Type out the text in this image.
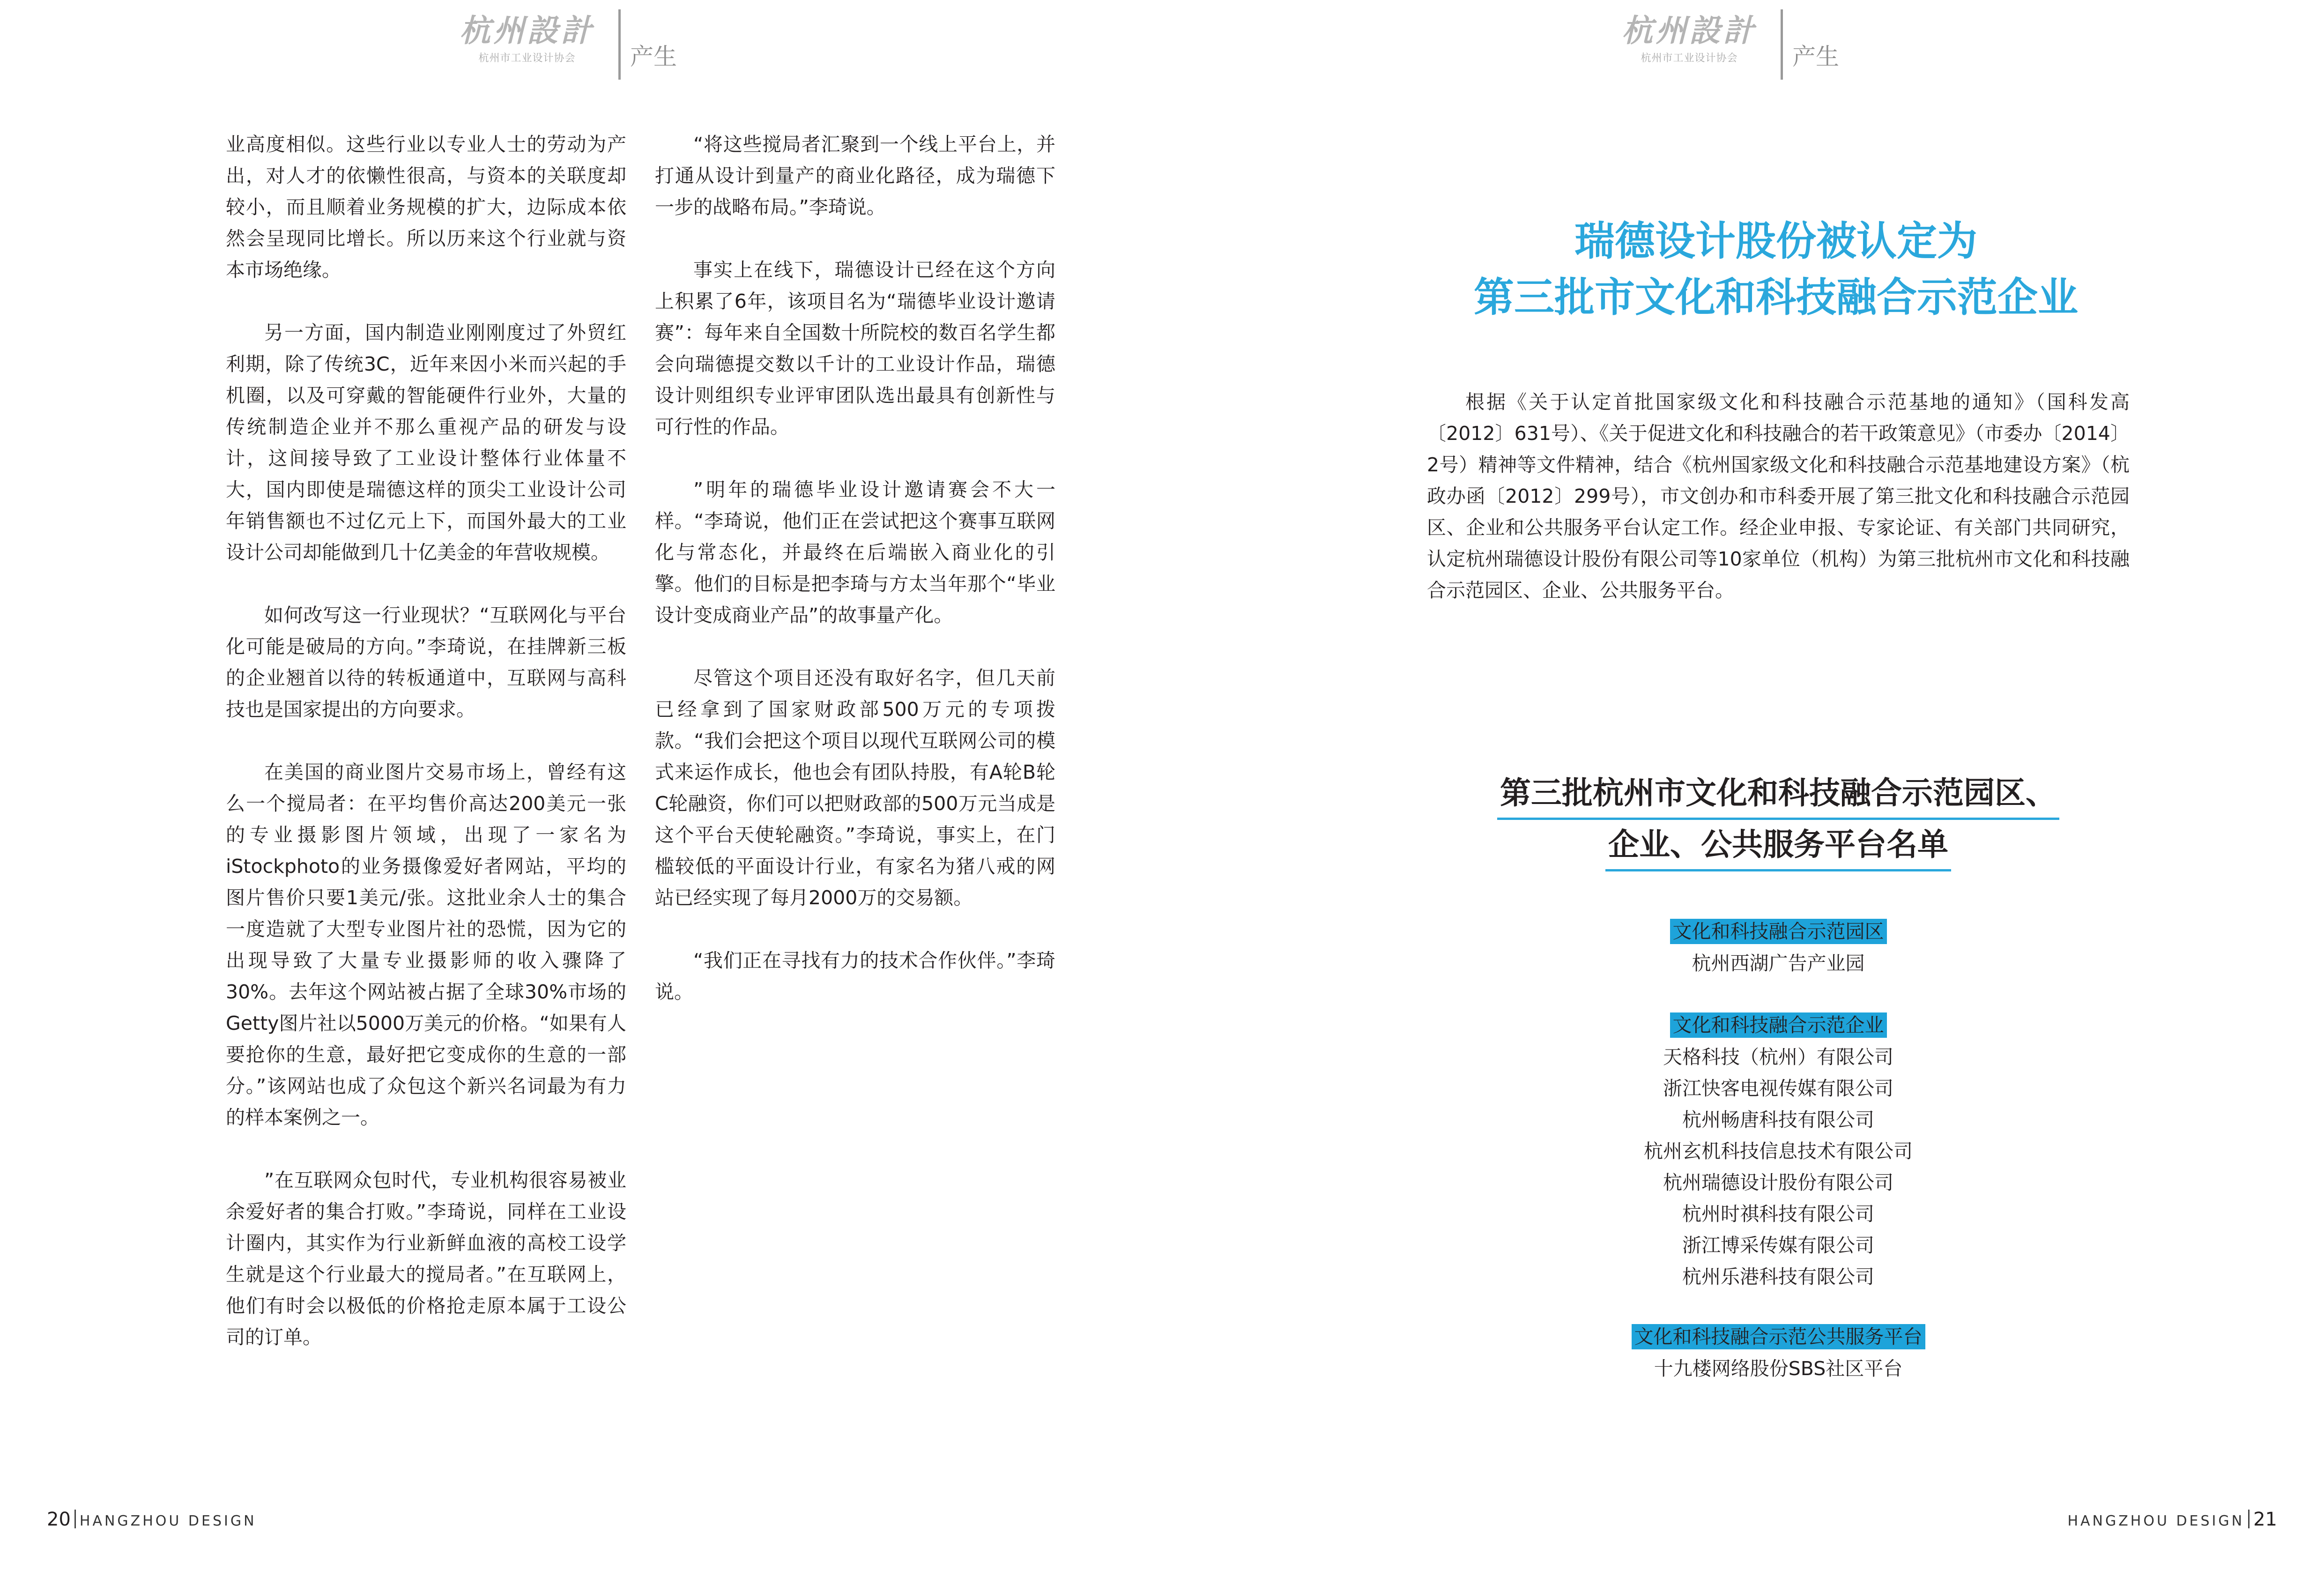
杭州設計
杭州市工业设计协会	产生

业高度相似。这些行业以专业人士的劳动为产出，对人才的依懒性很高，与资本的关联度却较小，而且顺着业务规模的扩大，边际成本依然会呈现同比增长。所以历来这个行业就与资本市场绝缘。

另一方面，国内制造业刚刚度过了外贸红利期，除了传统3C，近年来因小米而兴起的手机圈，以及可穿戴的智能硬件行业外，大量的传统制造企业并不那么重视产品的研发与设计，这间接导致了工业设计整体行业体量不大，国内即使是瑞德这样的顶尖工业设计公司年销售额也不过亿元上下，而国外最大的工业设计公司却能做到几十亿美金的年营收规模。

如何改写这一行业现状？“互联网化与平台化可能是破局的方向。”李琦说，在挂牌新三板的企业翘首以待的转板通道中，互联网与高科技也是国家提出的方向要求。

在美国的商业图片交易市场上，曾经有这么一个搅局者：在平均售价高达200美元一张的专业摄影图片领域，出现了一家名为iStockphoto的业务摄像爱好者网站，平均的图片售价只要1美元/张。这批业余人士的集合一度造就了大型专业图片社的恐慌，因为它的出现导致了大量专业摄影师的收入骤降了30%。去年这个网站被占据了全球30%市场的Getty图片社以5000万美元的价格。“如果有人要抢你的生意，最好把它变成你的生意的一部分。”该网站也成了众包这个新兴名词最为有力的样本案例之一。

”在互联网众包时代，专业机构很容易被业余爱好者的集合打败。”李琦说，同样在工业设计圈内，其实作为行业新鲜血液的高校工设学生就是这个行业最大的搅局者。”在互联网上，他们有时会以极低的价格抢走原本属于工设公司的订单。

“将这些搅局者汇聚到一个线上平台上，并打通从设计到量产的商业化路径，成为瑞德下一步的战略布局。”李琦说。

事实上在线下，瑞德设计已经在这个方向上积累了6年，该项目名为“瑞德毕业设计邀请赛”：每年来自全国数十所院校的数百名学生都会向瑞德提交数以千计的工业设计作品，瑞德设计则组织专业评审团队选出最具有创新性与可行性的作品。

”明年的瑞德毕业设计邀请赛会不大一样。“李琦说，他们正在尝试把这个赛事互联网化与常态化，并最终在后端嵌入商业化的引擎。他们的目标是把李琦与方太当年那个“毕业设计变成商业产品”的故事量产化。

尽管这个项目还没有取好名字，但几天前已经拿到了国家财政部500万元的专项拨款。“我们会把这个项目以现代互联网公司的模式来运作成长，他也会有团队持股，有A轮B轮C轮融资，你们可以把财政部的500万元当成是这个平台天使轮融资。”李琦说，事实上，在门槛较低的平面设计行业，有家名为猪八戒的网站已经实现了每月2000万的交易额。

“我们正在寻找有力的技术合作伙伴。”李琦说。

20 HANGZHOU DESIGN
杭州設計
杭州市工业设计协会	产生
瑞德设计股份被认定为
第三批市文化和科技融合示范企业

根据《关于认定首批国家级文化和科技融合示范基地的通知》（国科发高〔2012〕631号）、《关于促进文化和科技融合的若干政策意见》（市委办〔2014〕2号）精神等文件精神，结合《杭州国家级文化和科技融合示范基地建设方案》（杭政办函〔2012〕299号），市文创办和市科委开展了第三批文化和科技融合示范园区、企业和公共服务平台认定工作。经企业申报、专家论证、有关部门共同研究，认定杭州瑞德设计股份有限公司等10家单位（机构）为第三批杭州市文化和科技融合示范园区、企业、公共服务平台。

第三批杭州市文化和科技融合示范园区、
企业、公共服务平台名单
文化和科技融合示范园区
杭州西湖广告产业园
文化和科技融合示范企业
天格科技（杭州）有限公司
浙江快客电视传媒有限公司
杭州畅唐科技有限公司
杭州玄机科技信息技术有限公司
杭州瑞德设计股份有限公司
杭州时祺科技有限公司
浙江博采传媒有限公司
杭州乐港科技有限公司
文化和科技融合示范公共服务平台
十九楼网络股份SBS社区平台
HANGZHOU DESIGN 21
